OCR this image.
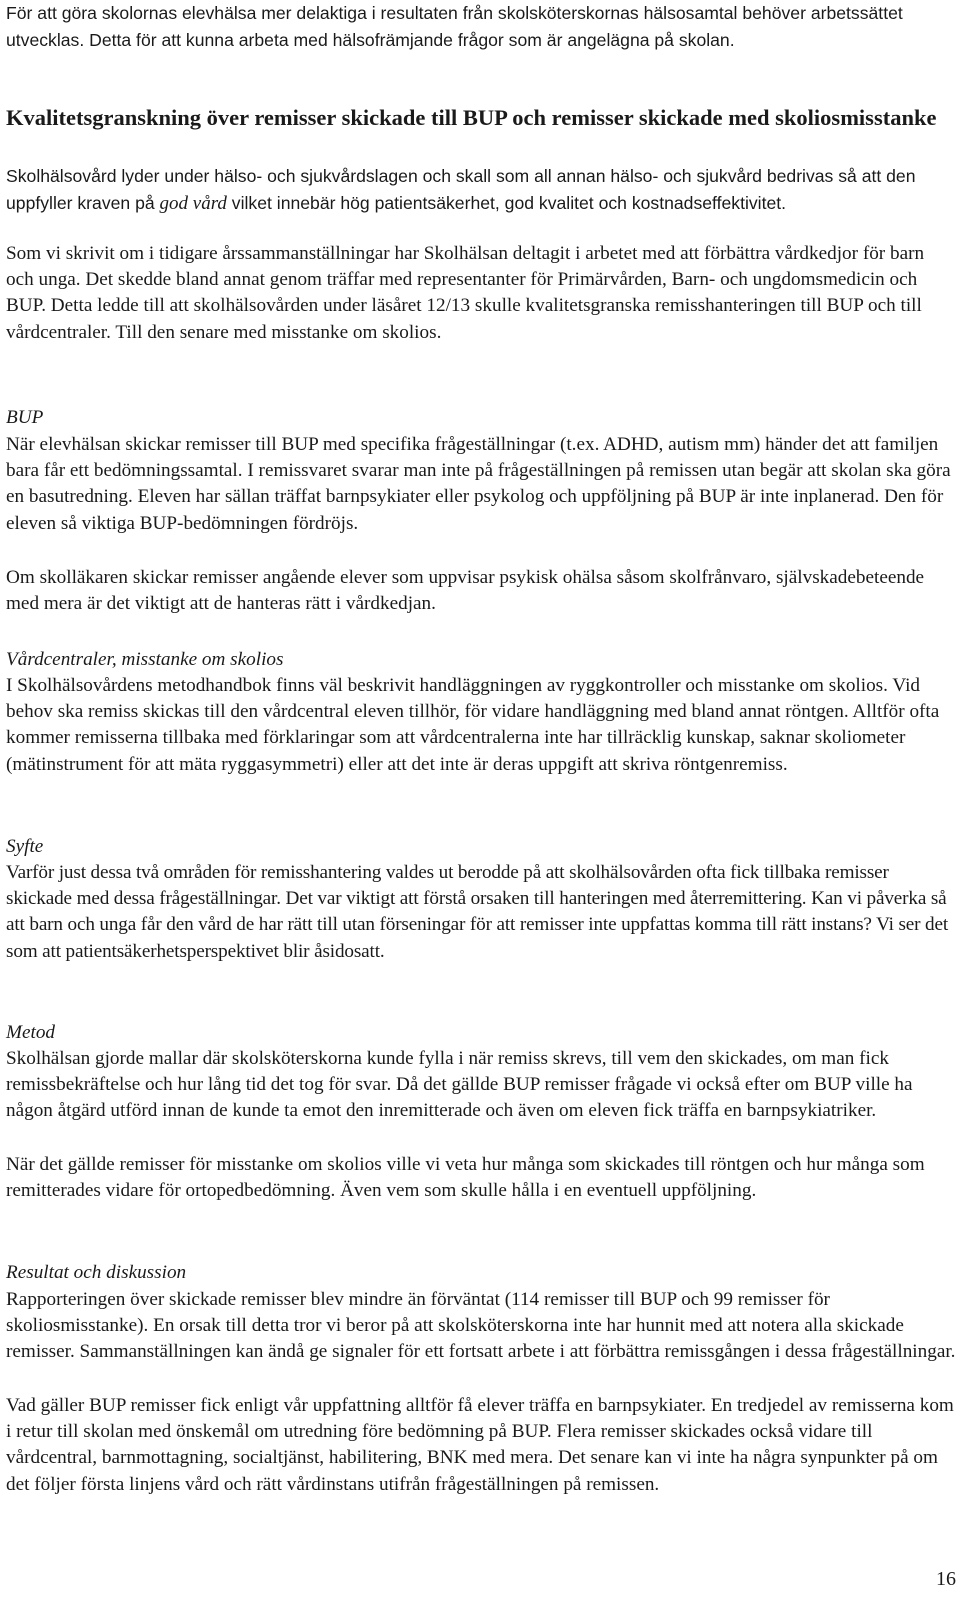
För att göra skolornas elevhälsa mer delaktiga i resultaten från skolsköterskornas hälsosamtal behöver arbetssättet utvecklas. Detta för att kunna arbeta med hälsofrämjande frågor som är angelägna på skolan.

Kvalitetsgranskning över remisser skickade till BUP och remisser skickade med skoliosmisstanke

Skolhälsovård lyder under hälso- och sjukvårdslagen och skall som all annan hälso- och sjukvård bedrivas så att den uppfyller kraven på god vård vilket innebär hög patientsäkerhet, god kvalitet och kostnadseffektivitet.

Som vi skrivit om i tidigare årssammanställningar har Skolhälsan deltagit i arbetet med att förbättra vårdkedjor för barn och unga. Det skedde bland annat genom träffar med representanter för Primärvården, Barn- och ungdomsmedicin och BUP. Detta ledde till att skolhälsovården under läsåret 12/13 skulle kvalitetsgranska remisshanteringen till BUP och till vårdcentraler. Till den senare med misstanke om skolios.

BUP

När elevhälsan skickar remisser till BUP med specifika frågeställningar (t.ex. ADHD, autism mm) händer det att familjen bara får ett bedömningssamtal. I remissvaret svarar man inte på frågeställningen på remissen utan begär att skolan ska göra en basutredning. Eleven har sällan träffat barnpsykiater eller psykolog och uppföljning på BUP är inte inplanerad. Den för eleven så viktiga BUP-bedömningen fördröjs.

Om skolläkaren skickar remisser angående elever som uppvisar psykisk ohälsa såsom skolfrånvaro, självskadebeteende med mera är det viktigt att de hanteras rätt i vårdkedjan.

Vårdcentraler, misstanke om skolios

I Skolhälsovårdens metodhandbok finns väl beskrivit handläggningen av ryggkontroller och misstanke om skolios. Vid behov ska remiss skickas till den vårdcentral eleven tillhör, för vidare handläggning med bland annat röntgen. Alltför ofta kommer remisserna tillbaka med förklaringar som att vårdcentralerna inte har tillräcklig kunskap, saknar skoliometer (mätinstrument för att mäta ryggasymmetri) eller att det inte är deras uppgift att skriva röntgenremiss.

Syfte

Varför just dessa två områden för remisshantering valdes ut berodde på att skolhälsovården ofta fick tillbaka remisser skickade med dessa frågeställningar. Det var viktigt att förstå orsaken till hanteringen med återremittering. Kan vi påverka så att barn och unga får den vård de har rätt till utan förseningar för att remisser inte uppfattas komma till rätt instans? Vi ser det som att patientsäkerhetsperspektivet blir åsidosatt.

Metod

Skolhälsan gjorde mallar där skolsköterskorna kunde fylla i när remiss skrevs, till vem den skickades, om man fick remissbekräftelse och hur lång tid det tog för svar. Då det gällde BUP remisser frågade vi också efter om BUP ville ha någon åtgärd utförd innan de kunde ta emot den inremitterade och även om eleven fick träffa en barnpsykiatriker.

När det gällde remisser för misstanke om skolios ville vi veta hur många som skickades till röntgen och hur många som remitterades vidare för ortopedbedömning. Även vem som skulle hålla i en eventuell uppföljning.

Resultat och diskussion

Rapporteringen över skickade remisser blev mindre än förväntat (114 remisser till BUP och 99 remisser för skoliosmisstanke). En orsak till detta tror vi beror på att skolsköterskorna inte har hunnit med att notera alla skickade remisser. Sammanställningen kan ändå ge signaler för ett fortsatt arbete i att förbättra remissgången i dessa frågeställningar.

Vad gäller BUP remisser fick enligt vår uppfattning alltför få elever träffa en barnpsykiater. En tredjedel av remisserna kom i retur till skolan med önskemål om utredning före bedömning på BUP. Flera remisser skickades också vidare till vårdcentral, barnmottagning, socialtjänst, habilitering, BNK med mera. Det senare kan vi inte ha några synpunkter på om det följer första linjens vård och rätt vårdinstans utifrån frågeställningen på remissen.

16
